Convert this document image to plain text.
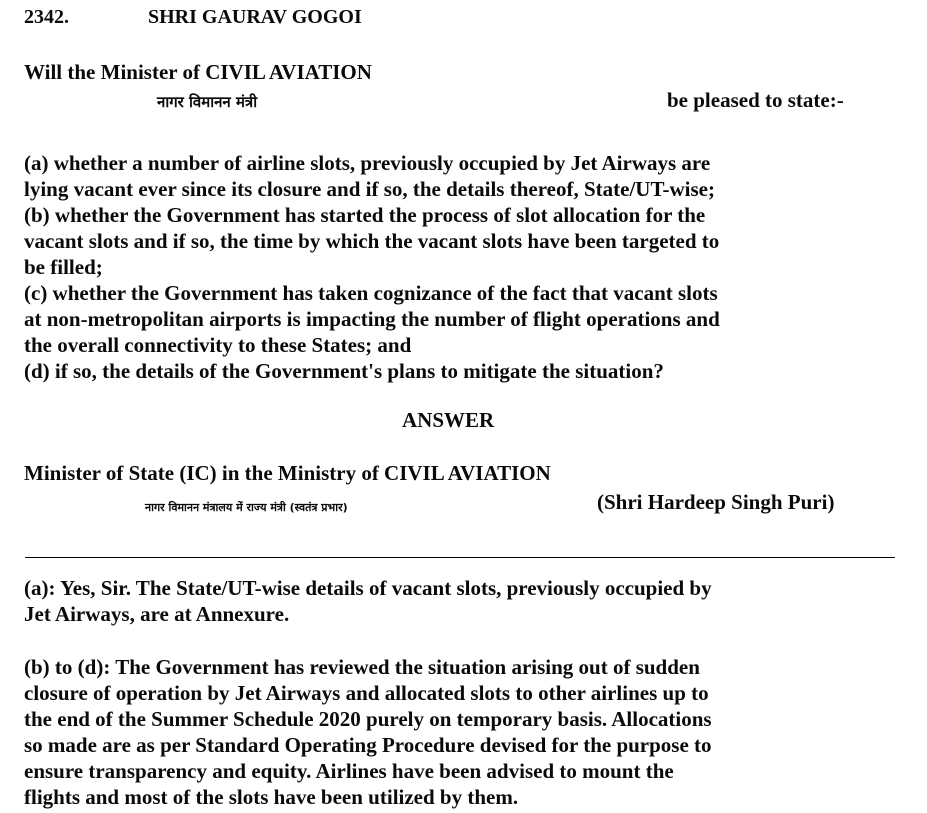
2342.	SHRI GAURAV GOGOI
Will the Minister of CIVIL AVIATION
नागर विमानन मंत्री	be pleased to state:-
(a) whether a number of airline slots, previously occupied by Jet Airways are
lying vacant ever since its closure and if so, the details thereof, State/UT-wise;
(b) whether the Government has started the process of slot allocation for the
vacant slots and if so, the time by which the vacant slots have been targeted to
be filled;
(c) whether the Government has taken cognizance of the fact that vacant slots
at non-metropolitan airports is impacting the number of flight operations and
the overall connectivity to these States; and
(d) if so, the details of the Government's plans to mitigate the situation?
ANSWER
Minister of State (IC) in the Ministry of CIVIL AVIATION
नागर विमानन मंत्रालय में राज्य मंत्री (स्वतंत्र प्रभार)	(Shri Hardeep Singh Puri)
(a): Yes, Sir. The State/UT-wise details of vacant slots, previously occupied by
Jet Airways, are at Annexure.
(b) to (d): The Government has reviewed the situation arising out of sudden
closure of operation by Jet Airways and allocated slots to other airlines up to
the end of the Summer Schedule 2020 purely on temporary basis. Allocations
so made are as per Standard Operating Procedure devised for the purpose to
ensure transparency and equity. Airlines have been advised to mount the
flights and most of the slots have been utilized by them.
